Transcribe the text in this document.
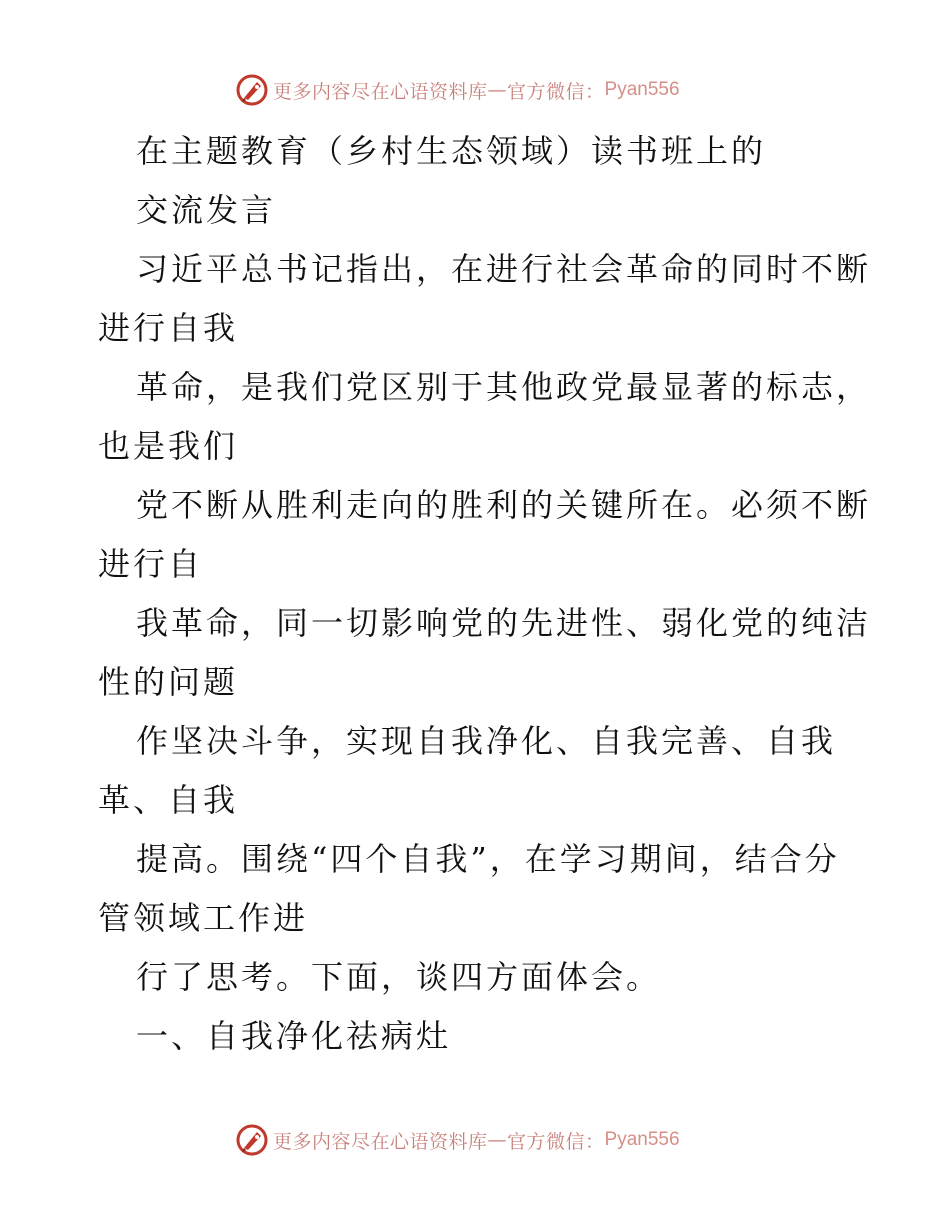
更多内容尽在心语资料库 — 官方微信： Pyan556
在主题教育（乡村生态领域）读书班上的
交流发言
习近平总书记指出，在进行社会革命的同时不断
进行自我
革命，是我们党区别于其他政党最显著的标志，
也是我们
党不断从胜利走向的胜利的关键所在。必须不断
进行自
我革命，同一切影响党的先进性、弱化党的纯洁
性的问题
作坚决斗争，实现自我净化、自我完善、自我
革、自我
提高。围绕“四个自我”，在学习期间，结合分
管领域工作进
行了思考。下面，谈四方面体会。
一、自我净化祛病灶
更多内容尽在心语资料库 — 官方微信： Pyan556
